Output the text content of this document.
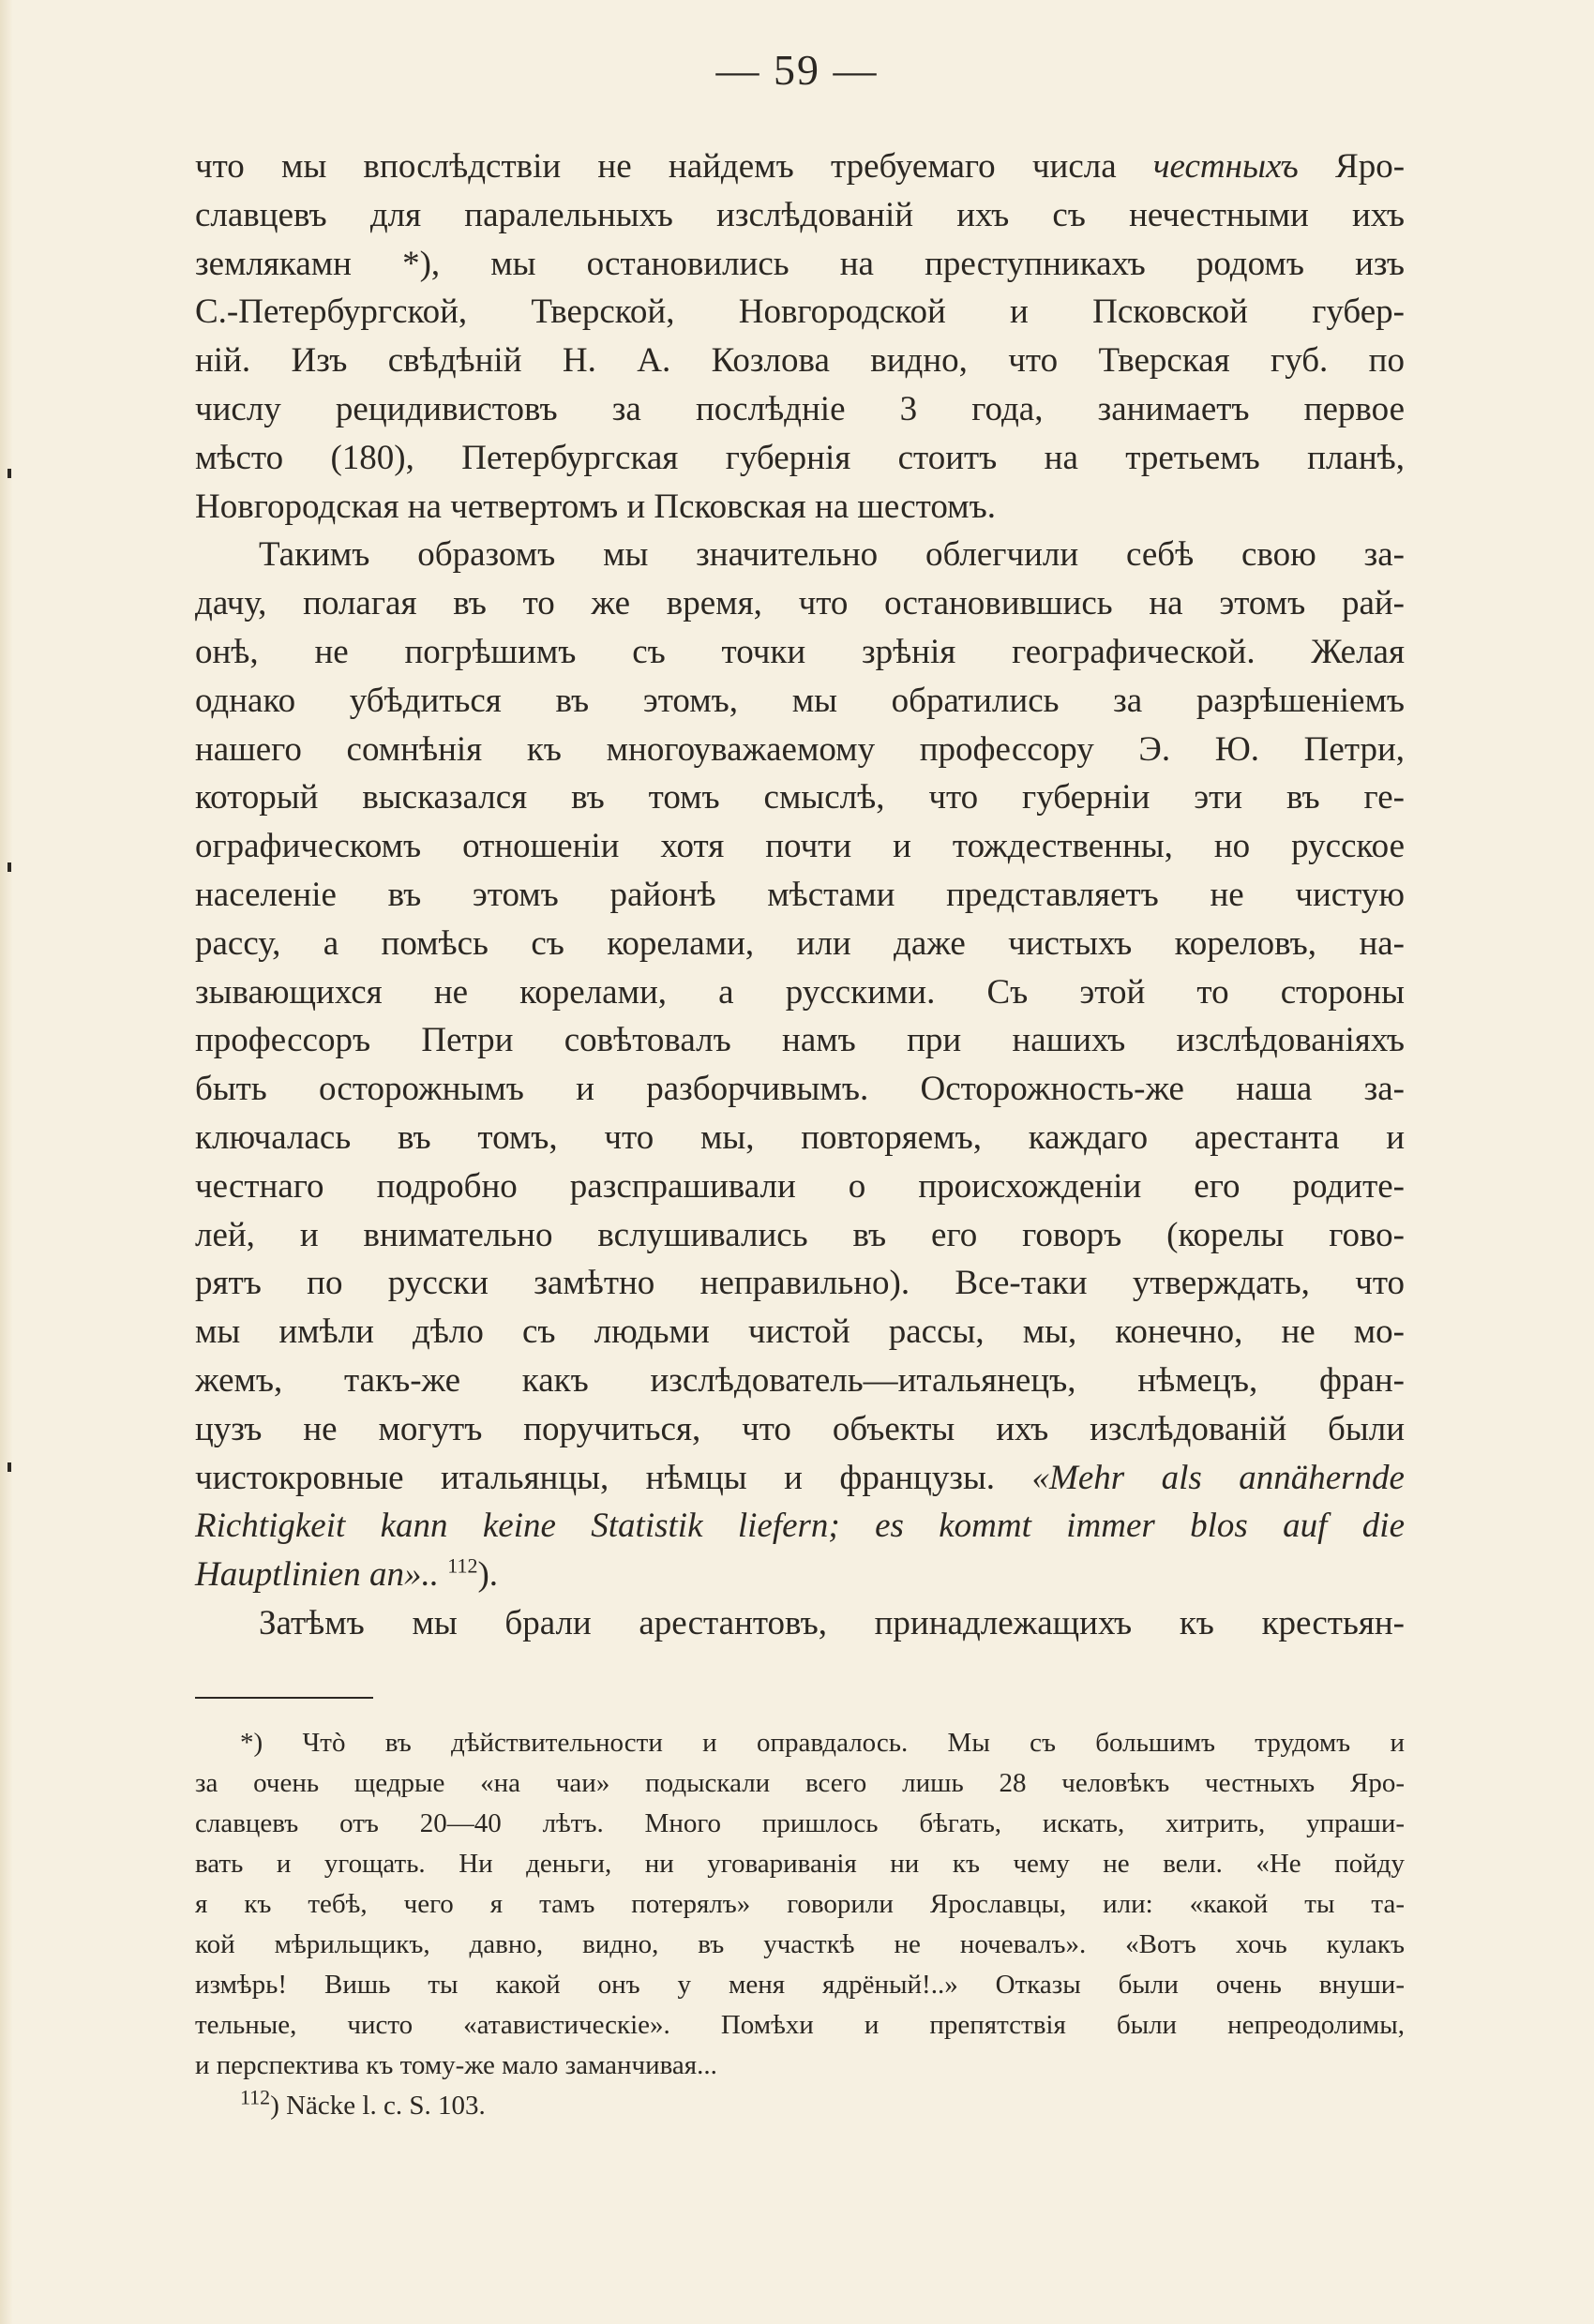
— 59 —
что мы впослѣдствiи не найдемъ требуемаго числа честныхъ Яро-
славцевъ для паралельныхъ изслѣдованiй ихъ съ нечестными ихъ
землякамн *), мы остановились на преступникахъ родомъ изъ
С.-Петербургской, Тверской, Новгородской и Псковской губер-
нiй. Изъ свѣдѣнiй Н. А. Козлова видно, что Тверская губ. по
числу рецидивистовъ за послѣднiе 3 года, занимаетъ первое
мѣсто (180), Петербургская губернiя стоитъ на третьемъ планѣ,
Новгородская на четвертомъ и Псковская на шестомъ.
Такимъ образомъ мы значительно облегчили себѣ свою за-
дачу, полагая въ то же время, что остановившись на этомъ рай-
онѣ, не погрѣшимъ съ точки зрѣнiя географической. Желая
однако убѣдиться въ этомъ, мы обратились за разрѣшенiемъ
нашего сомнѣнiя къ многоуважаемому профессору Э. Ю. Петри,
который высказался въ томъ смыслѣ, что губернiи эти въ ге-
ографическомъ отношенiи хотя почти и тождественны, но русское
населенiе въ этомъ районѣ мѣстами представляетъ не чистую
рассу, а помѣсь съ корелами, или даже чистыхъ кореловъ, на-
зывающихся не корелами, а русскими. Съ этой то стороны
профессоръ Петри совѣтовалъ намъ при нашихъ изслѣдованiяхъ
быть осторожнымъ и разборчивымъ. Осторожность-же наша за-
ключалась въ томъ, что мы, повторяемъ, каждаго арестанта и
честнаго подробно разспрашивали о происхожденiи его родите-
лей, и внимательно вслушивались въ его говоръ (корелы гово-
рятъ по русски замѣтно неправильно). Все-таки утверждать, что
мы имѣли дѣло съ людьми чистой рассы, мы, конечно, не мо-
жемъ, такъ-же какъ изслѣдователь—итальянецъ, нѣмецъ, фран-
цузъ не могутъ поручиться, что объекты ихъ изслѣдованiй были
чистокровные итальянцы, нѣмцы и французы. «Mehr als annähernde
Richtigkeit kann keine Statistik liefern; es kommt immer blos auf die
Hauptlinien an».. $^{112}$).
Затѣмъ мы брали арестантовъ, принадлежащихъ къ крестьян-
*) Чтò въ дѣйствительности и оправдалось. Мы съ большимъ трудомъ и
за очень щедрые «на чаи» подыскали всего лишь 28 человѣкъ честныхъ Яро-
славцевъ отъ 20—40 лѣтъ. Много пришлось бѣгать, искать, хитрить, упраши-
вать и угощать. Ни деньги, ни уговариванiя ни къ чему не вели. «Не пойду
я къ тебѣ, чего я тамъ потерялъ» говорили Ярославцы, или: «какой ты та-
кой мѣрильщикъ, давно, видно, въ участкѣ не ночевалъ». «Вотъ хочь кулакъ
измѣрь! Вишь ты какой онъ у меня ядрёный!..» Отказы были очень внуши-
тельные, чисто «атавистическiе». Помѣхи и препятствiя были непреодолимы,
и перспектива къ тому-же мало заманчивая...
$^{112}$) Näcke l. c. S. 103.
